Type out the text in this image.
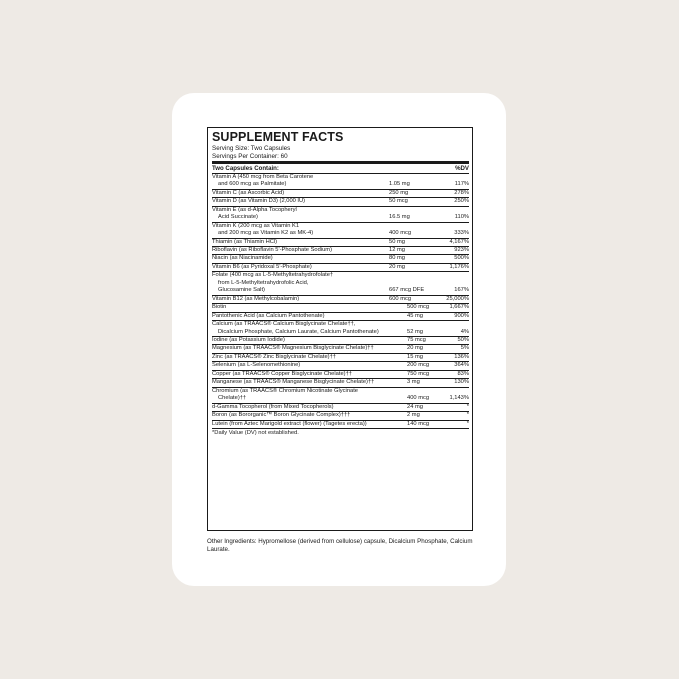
SUPPLEMENT FACTS
Serving Size: Two Capsules
Servings Per Container: 60
Two Capsules Contain:	%DV
Vitamin A (450 mcg from Beta Carotene
and 600 mcg as Palmitate)	1.05 mg	117%
Vitamin C (as Ascorbic Acid)	250 mg	278%
Vitamin D (as Vitamin D3) (2,000 IU)	50 mcg	250%
Vitamin E (as d-Alpha Tocopheryl
Acid Succinate)	16.5 mg	110%
Vitamin K (200 mcg as Vitamin K1
and 200 mcg as Vitamin K2 as MK-4)	400 mcg	333%
Thiamin (as Thiamin HCl)	50 mg	4,167%
Riboflavin (as Riboflavin 5'-Phosphate Sodium)	12 mg	923%
Niacin (as Niacinamide)	80 mg	500%
Vitamin B6 (as Pyridoxal 5'-Phosphate)	20 mg	1,176%
Folate (400 mcg as L-5-Methyltetrahydrofolate†
from L-5-Methyltetrahydrofolic Acid,
Glucosamine Salt)	667 mcg DFE	167%
Vitamin B12 (as Methylcobalamin)	600 mcg	25,000%
Biotin	500 mcg	1,667%
Pantothenic Acid (as Calcium Pantothenate)	45 mg	900%
Calcium (as TRAACS® Calcium Bisglycinate Chelate††,
Dicalcium Phosphate, Calcium Laurate, Calcium Pantothenate)	52 mg	4%
Iodine (as Potassium Iodide)	75 mcg	50%
Magnesium (as TRAACS® Magnesium Bisglycinate Chelate)††	20 mg	5%
Zinc (as TRAACS® Zinc Bisglycinate Chelate)††	15 mg	136%
Selenium (as L-Selenomethionine)	200 mcg	364%
Copper (as TRAACS® Copper Bisglycinate Chelate)††	750 mcg	83%
Manganese (as TRAACS® Manganese Bisglycinate Chelate)††	3 mg	130%
Chromium (as TRAACS® Chromium Nicotinate Glycinate
Chelate)††	400 mcg	1,143%
d-Gamma Tocopherol (from Mixed Tocopherols)	24 mg	*
Boron (as Bororganic™ Boron Glycinate Complex)†††	2 mg	*
Lutein (from Aztec Marigold extract (flower) (Tagetes erecta))	140 mcg	*
*Daily Value (DV) not established.
Other Ingredients: Hypromellose (derived from cellulose) capsule, Dicalcium Phosphate, Calcium Laurate.
